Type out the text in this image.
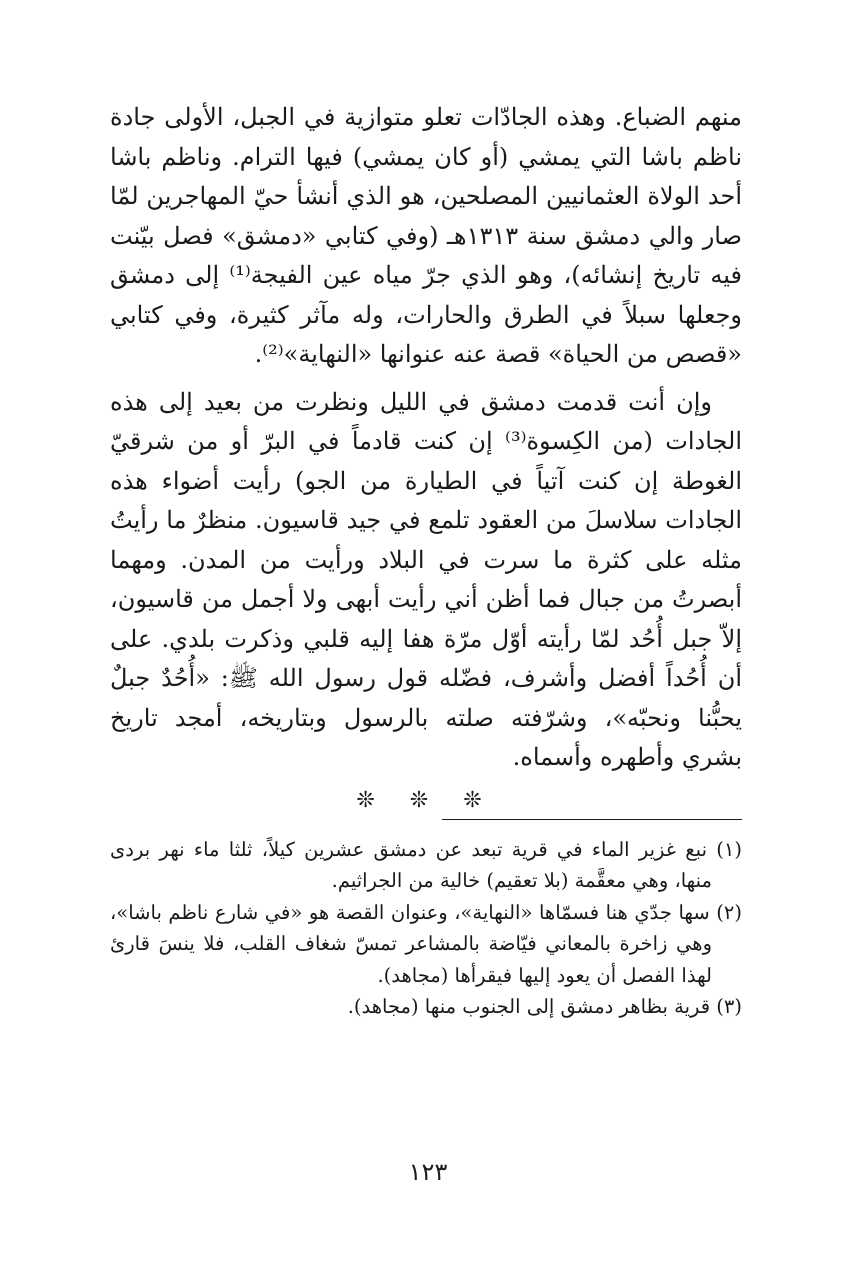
منهم الضباع. وهذه الجادّات تعلو متوازية في الجبل، الأولى جادة ناظم باشا التي يمشي (أو كان يمشي) فيها الترام. وناظم باشا أحد الولاة العثمانيين المصلحين، هو الذي أنشأ حيّ المهاجرين لمّا صار والي دمشق سنة ١٣١٣هـ (وفي كتابي «دمشق» فصل بيّنت فيه تاريخ إنشائه)، وهو الذي جرّ مياه عين الفيجة⁽¹⁾ إلى دمشق وجعلها سبلاً في الطرق والحارات، وله مآثر كثيرة، وفي كتابي «قصص من الحياة» قصة عنه عنوانها «النهاية»⁽²⁾.

وإن أنت قدمت دمشق في الليل ونظرت من بعيد إلى هذه الجادات (من الكِسوة⁽³⁾ إن كنت قادماً في البرّ أو من شرقيّ الغوطة إن كنت آتياً في الطيارة من الجو) رأيت أضواء هذه الجادات سلاسلَ من العقود تلمع في جيد قاسيون. منظرٌ ما رأيتُ مثله على كثرة ما سرت في البلاد ورأيت من المدن. ومهما أبصرتُ من جبال فما أظن أني رأيت أبهى ولا أجمل من قاسيون، إلاّ جبل أُحُد لمّا رأيته أوّل مرّة هفا إليه قلبي وذكرت بلدي. على أن أُحُداً أفضل وأشرف، فضّله قول رسول الله ﷺ: «أُحُدٌ جبلٌ يحبُّنا ونحبّه»، وشرّفته صلته بالرسول وبتاريخه، أمجد تاريخ بشري وأطهره وأسماه.

❊ ❊ ❊
(١) نبع غزير الماء في قرية تبعد عن دمشق عشرين كيلاً، ثلثا ماء نهر بردى منها، وهي معقَّمة (بلا تعقيم) خالية من الجراثيم.
(٢) سها جدّي هنا فسمّاها «النهاية»، وعنوان القصة هو «في شارع ناظم باشا»، وهي زاخرة بالمعاني فيّاضة بالمشاعر تمسّ شغاف القلب، فلا ينسَ قارئ لهذا الفصل أن يعود إليها فيقرأها (مجاهد).
(٣) قرية بظاهر دمشق إلى الجنوب منها (مجاهد).
١٢٣
